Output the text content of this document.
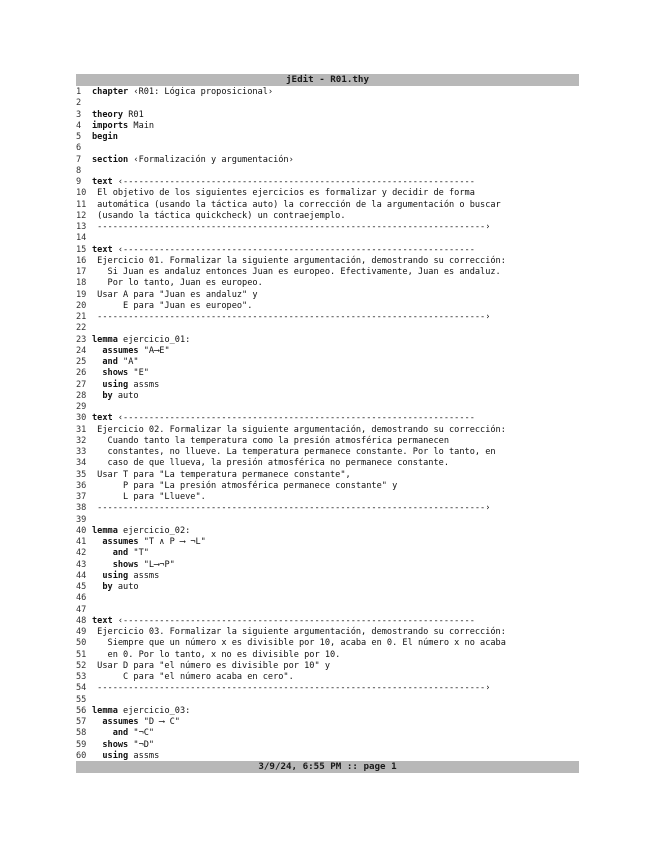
jEdit - R01.thy
1	chapter ‹R01: Lógica proposicional›
2
3	theory R01
4	imports Main
5	begin
6
7	section ‹Formalización y argumentación›
8
9	text ‹--------------------------------------------------------------------
10 El objetivo de los siguientes ejercicios es formalizar y decidir de forma
11 automática (usando la táctica auto) la corrección de la argumentación o buscar
12 (usando la táctica quickcheck) un contraejemplo.
13 ---------------------------------------------------------------------------›
14
15 text ‹--------------------------------------------------------------------
16 Ejercicio 01. Formalizar la siguiente argumentación, demostrando su corrección:
17 Si Juan es andaluz entonces Juan es europeo. Efectivamente, Juan es andaluz.
18 Por lo tanto, Juan es europeo.
19 Usar A para "Juan es andaluz" y
20 E para "Juan es europeo".
21 ---------------------------------------------------------------------------›
22
23 lemma ejercicio_01:
24 assumes "A⟶E"
25 and "A"
26 shows "E"
27 using assms
28 by auto
29
30 text ‹--------------------------------------------------------------------
31 Ejercicio 02. Formalizar la siguiente argumentación, demostrando su corrección:
32 Cuando tanto la temperatura como la presión atmosférica permanecen
33 constantes, no llueve. La temperatura permanece constante. Por lo tanto, en
34 caso de que llueva, la presión atmosférica no permanece constante.
35 Usar T para "La temperatura permanece constante",
36 P para "La presión atmosférica permanece constante" y
37 L para "Llueve".
38 ---------------------------------------------------------------------------›
39
40 lemma ejercicio_02:
41 assumes "T ∧ P ⟶ ¬L"
42 and "T"
43 shows "L⟶¬P"
44 using assms
45 by auto
46
47
48 text ‹--------------------------------------------------------------------
49 Ejercicio 03. Formalizar la siguiente argumentación, demostrando su corrección:
50 Siempre que un número x es divisible por 10, acaba en 0. El número x no acaba
51 en 0. Por lo tanto, x no es divisible por 10.
52 Usar D para "el número es divisible por 10" y
53 C para "el número acaba en cero".
54 ---------------------------------------------------------------------------›
55
56 lemma ejercicio_03:
57 assumes "D ⟶ C"
58 and "¬C"
59 shows "¬D"
60 using assms
3/9/24, 6:55 PM :: page 1
